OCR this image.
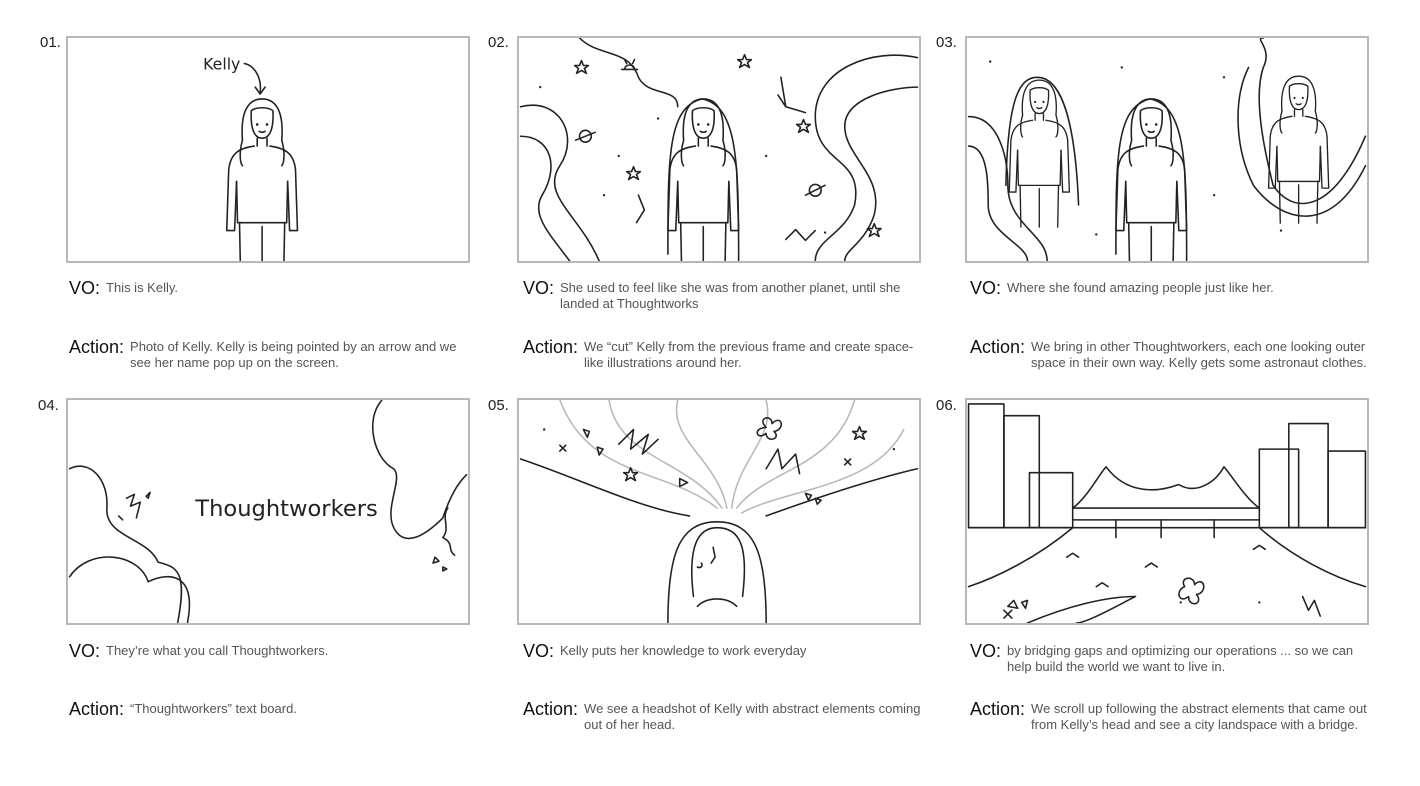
01.
Kelly
VO: This is Kelly.
Action: Photo of Kelly. Kelly is being pointed by an arrow and we see her name pop up on the screen.
02.
VO: She used to feel like she was from another planet, until she landed at Thoughtworks
Action: We “cut” Kelly from the previous frame and create space-like illustrations around her.
03.
VO: Where she found amazing people just like her.
Action: We bring in other Thoughtworkers, each one looking outer space in their own way. Kelly gets some astronaut clothes.
04.
Thoughtworkers
VO: They’re what you call Thoughtworkers.
Action: “Thoughtworkers” text board.
05.
VO: Kelly puts her knowledge to work everyday
Action: We see a headshot of Kelly with abstract elements coming out of her head.
06.
VO: by bridging gaps and optimizing our operations ... so we can help build the world we want to live in.
Action: We scroll up following the abstract elements that came out from Kelly’s head and see a city landspace with a bridge.
